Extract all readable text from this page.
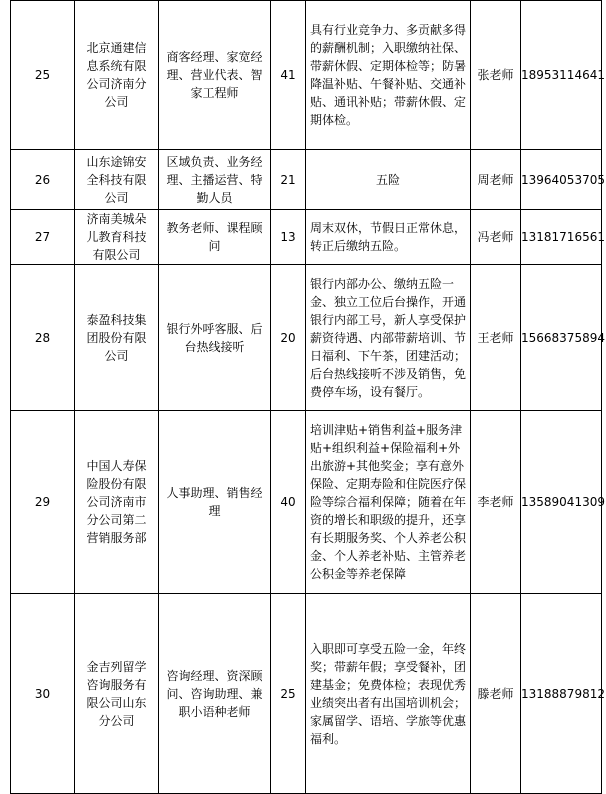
25	北京通建信息系统有限公司济南分公司	商客经理、家宽经理、营业代表、智家工程师	41	具有行业竞争力、多贡献多得的薪酬机制；入职缴纳社保、带薪休假、定期体检等；防暑降温补贴、午餐补贴、交通补贴、通讯补贴；带薪休假、定期体检。	张老师	18953114641
26	山东途锦安全科技有限公司	区域负责、业务经理、主播运营、特勤人员	21	五险	周老师	13964053705
27	济南美城朵儿教育科技有限公司	教务老师、课程顾问	13	周末双休，节假日正常休息，转正后缴纳五险。	冯老师	13181716561
28	泰盈科技集团股份有限公司	银行外呼客服、后台热线接听	20	银行内部办公、缴纳五险一金、独立工位后台操作，开通银行内部工号，新人享受保护薪资待遇、内部带薪培训、节日福利、下午茶，团建活动；后台热线接听不涉及销售，免费停车场，设有餐厅。	王老师	15668375894
29	中国人寿保险股份有限公司济南市分公司第二营销服务部	人事助理、销售经理	40	培训津贴+销售利益+服务津贴+组织利益+保险福利+外出旅游+其他奖金；享有意外保险、定期寿险和住院医疗保险等综合福利保障；随着在年资的增长和职级的提升，还享有长期服务奖、个人养老公积金、个人养老补贴、主管养老公积金等养老保障	李老师	13589041309
30	金吉列留学咨询服务有限公司山东分公司	咨询经理、资深顾问、咨询助理、兼职小语种老师	25	入职即可享受五险一金，年终奖；带薪年假；享受餐补，团建基金；免费体检；表现优秀业绩突出者有出国培训机会；家属留学、语培、学旅等优惠福利。	滕老师	13188879812
